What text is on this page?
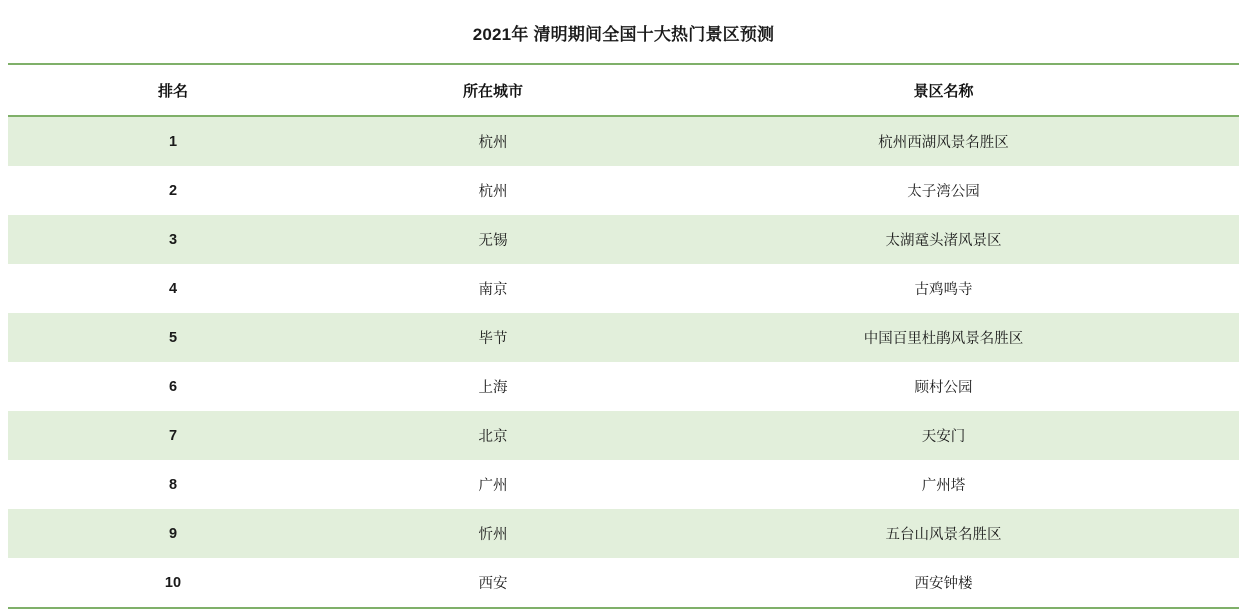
2021年 清明期间全国十大热门景区预测
排名	所在城市	景区名称
1	杭州	杭州西湖风景名胜区
2	杭州	太子湾公园
3	无锡	太湖鼋头渚风景区
4	南京	古鸡鸣寺
5	毕节	中国百里杜鹃风景名胜区
6	上海	顾村公园
7	北京	天安门
8	广州	广州塔
9	忻州	五台山风景名胜区
10	西安	西安钟楼
